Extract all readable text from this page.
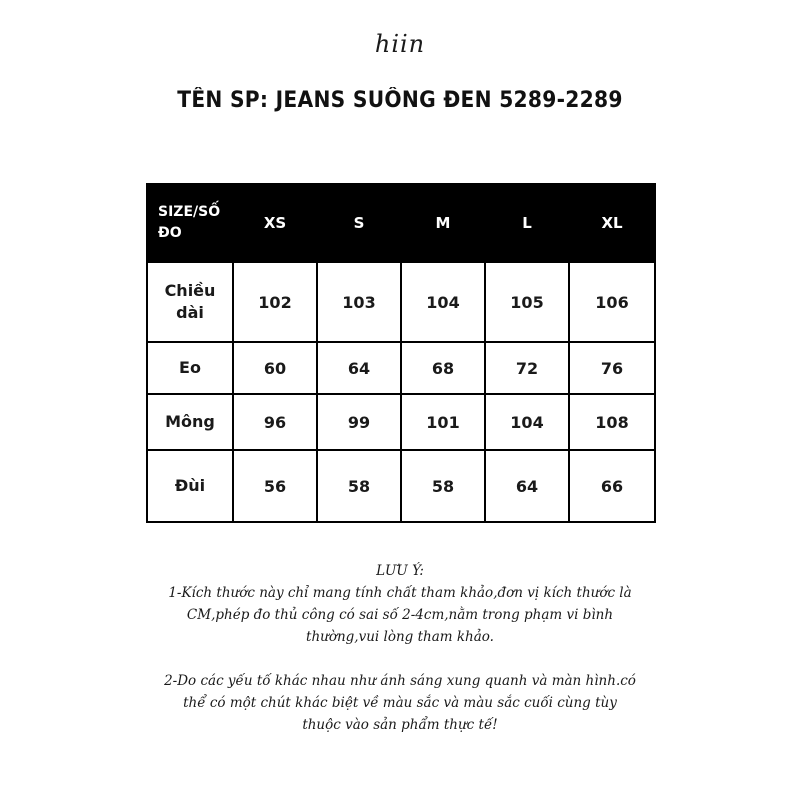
hiin
TÊN SP: JEANS SUÔNG ĐEN 5289-2289
SIZE/SỐ
ĐO	XS	S	M	L	XL
Chiều
dài	102	103	104	105	106
Eo	60	64	68	72	76
Mông	96	99	101	104	108
Đùi	56	58	58	64	66

LƯU Ý:

1-Kích thước này chỉ mang tính chất tham khảo,đơn vị kích thước là

CM,phép đo thủ công có sai số 2-4cm,nằm trong phạm vi bình

thường,vui lòng tham khảo.

2-Do các yếu tố khác nhau như ánh sáng xung quanh và màn hình.có

thể có một chút khác biệt về màu sắc và màu sắc cuối cùng tùy

thuộc vào sản phẩm thực tế!
